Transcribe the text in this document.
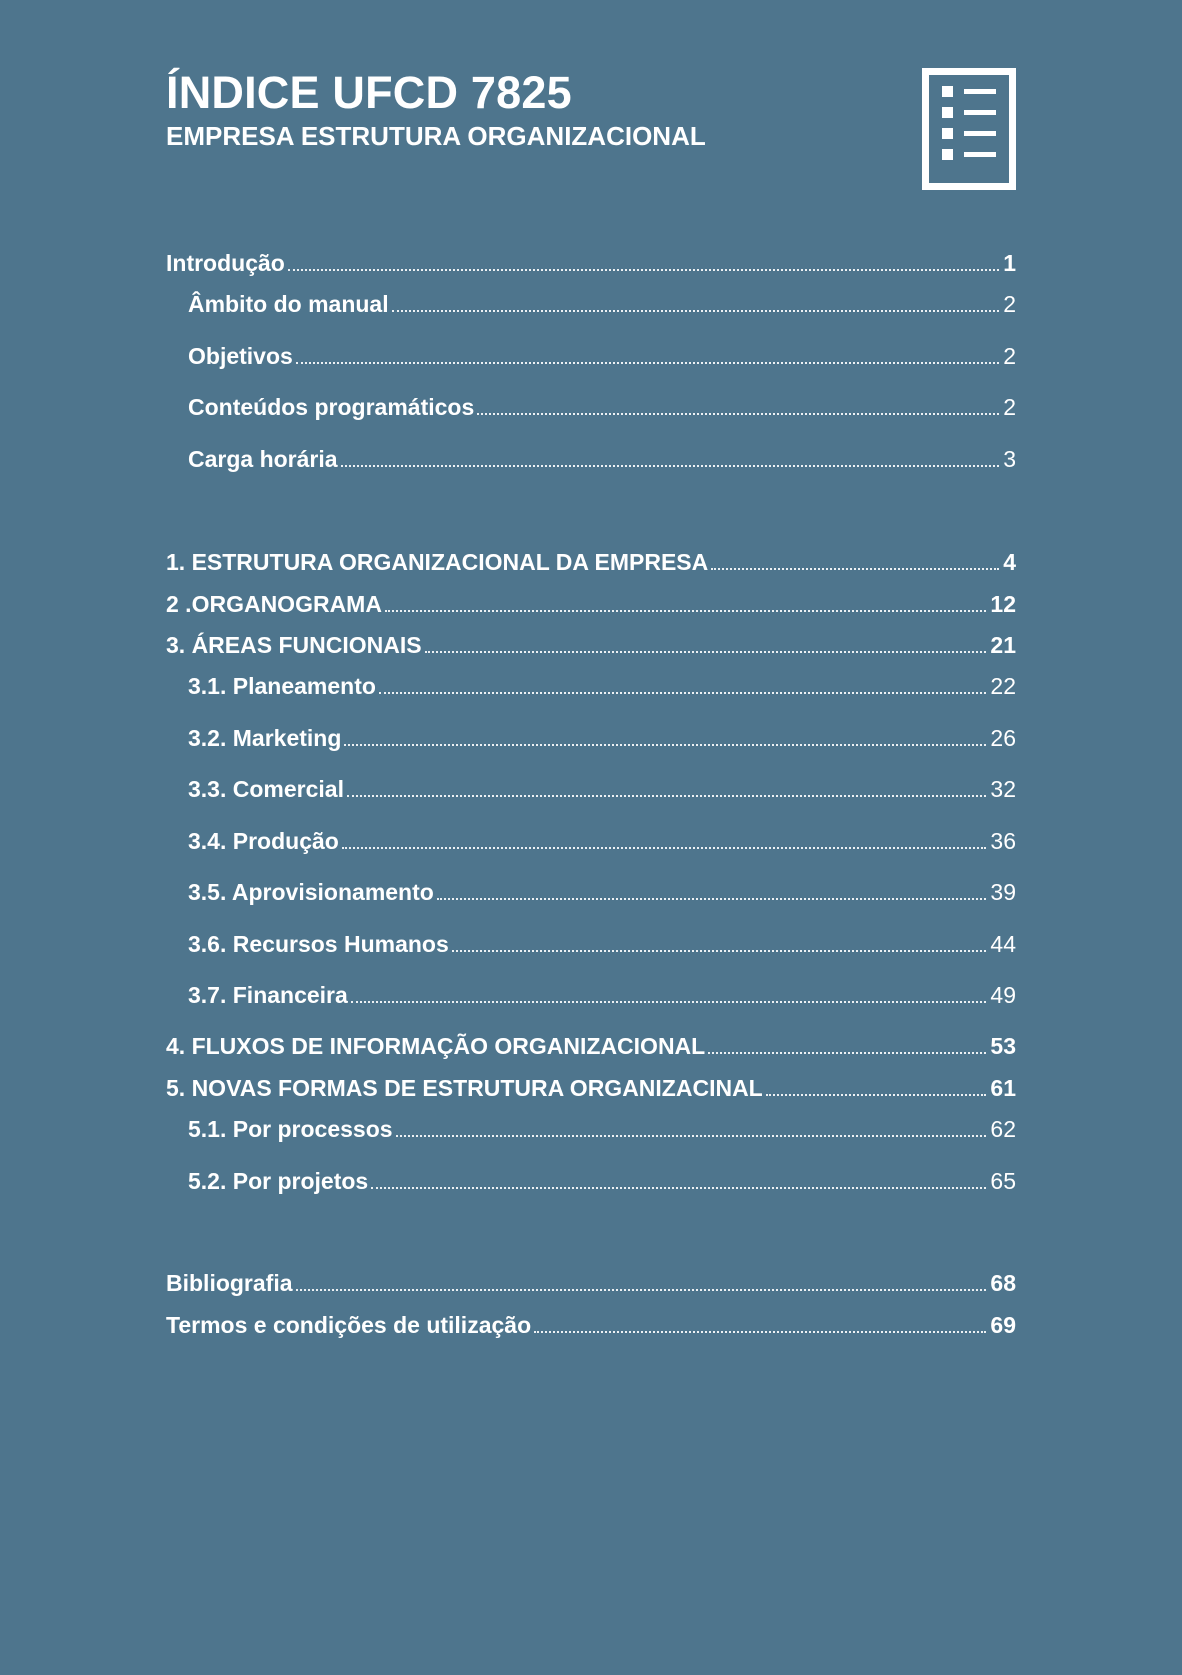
ÍNDICE UFCD 7825
EMPRESA ESTRUTURA ORGANIZACIONAL
Introdução	1
Âmbito do manual	2
Objetivos	2
Conteúdos programáticos	2
Carga horária	3
1. ESTRUTURA ORGANIZACIONAL DA EMPRESA	4
2 .ORGANOGRAMA	12
3. ÁREAS FUNCIONAIS	21
3.1. Planeamento	22
3.2. Marketing	26
3.3. Comercial	32
3.4. Produção	36
3.5. Aprovisionamento	39
3.6. Recursos Humanos	44
3.7. Financeira	49
4. FLUXOS DE INFORMAÇÃO ORGANIZACIONAL	53
5. NOVAS FORMAS DE ESTRUTURA ORGANIZACINAL	61
5.1. Por processos	62
5.2. Por projetos	65
Bibliografia	68
Termos e condições de utilização	69
